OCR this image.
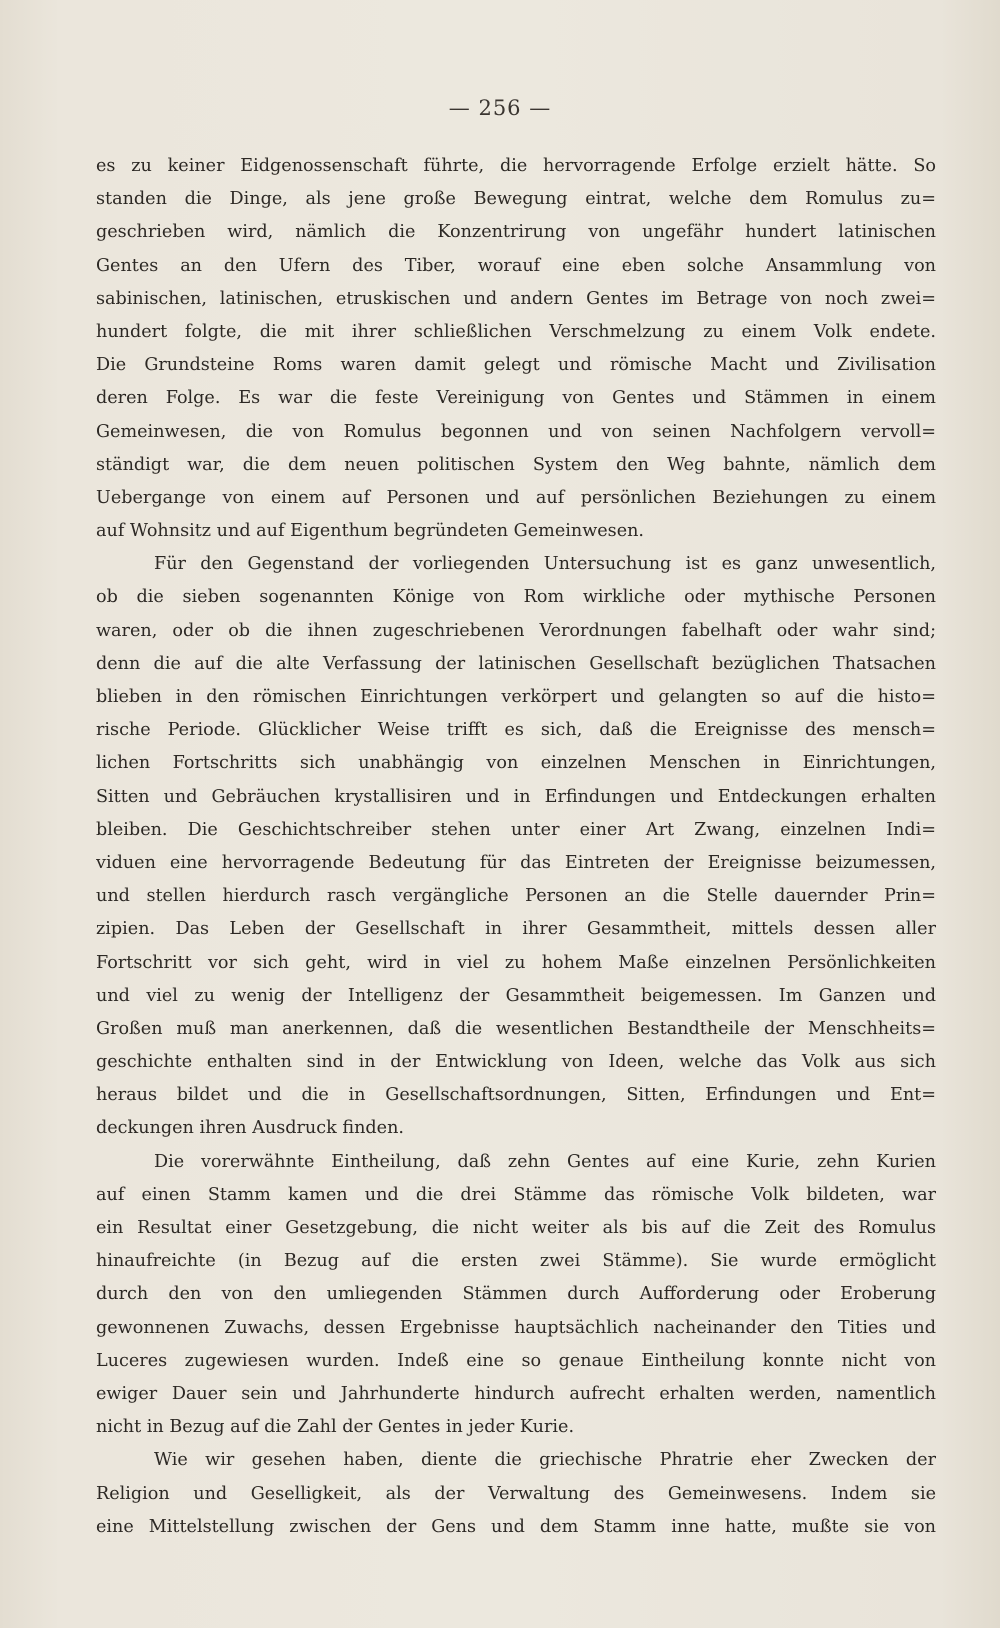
— 256 —
es zu keiner Eidgenossenschaft führte, die hervorragende Erfolge erzielt hätte. So
standen die Dinge, als jene große Bewegung eintrat, welche dem Romulus zu=
geschrieben wird, nämlich die Konzentrirung von ungefähr hundert latinischen
Gentes an den Ufern des Tiber, worauf eine eben solche Ansammlung von
sabinischen, latinischen, etruskischen und andern Gentes im Betrage von noch zwei=
hundert folgte, die mit ihrer schließlichen Verschmelzung zu einem Volk endete.
Die Grundsteine Roms waren damit gelegt und römische Macht und Zivilisation
deren Folge. Es war die feste Vereinigung von Gentes und Stämmen in einem
Gemeinwesen, die von Romulus begonnen und von seinen Nachfolgern vervoll=
ständigt war, die dem neuen politischen System den Weg bahnte, nämlich dem
Uebergange von einem auf Personen und auf persönlichen Beziehungen zu einem
auf Wohnsitz und auf Eigenthum begründeten Gemeinwesen.
Für den Gegenstand der vorliegenden Untersuchung ist es ganz unwesentlich,
ob die sieben sogenannten Könige von Rom wirkliche oder mythische Personen
waren, oder ob die ihnen zugeschriebenen Verordnungen fabelhaft oder wahr sind;
denn die auf die alte Verfassung der latinischen Gesellschaft bezüglichen Thatsachen
blieben in den römischen Einrichtungen verkörpert und gelangten so auf die histo=
rische Periode. Glücklicher Weise trifft es sich, daß die Ereignisse des mensch=
lichen Fortschritts sich unabhängig von einzelnen Menschen in Einrichtungen,
Sitten und Gebräuchen krystallisiren und in Erfindungen und Entdeckungen erhalten
bleiben. Die Geschichtschreiber stehen unter einer Art Zwang, einzelnen Indi=
viduen eine hervorragende Bedeutung für das Eintreten der Ereignisse beizumessen,
und stellen hierdurch rasch vergängliche Personen an die Stelle dauernder Prin=
zipien. Das Leben der Gesellschaft in ihrer Gesammtheit, mittels dessen aller
Fortschritt vor sich geht, wird in viel zu hohem Maße einzelnen Persönlichkeiten
und viel zu wenig der Intelligenz der Gesammtheit beigemessen. Im Ganzen und
Großen muß man anerkennen, daß die wesentlichen Bestandtheile der Menschheits=
geschichte enthalten sind in der Entwicklung von Ideen, welche das Volk aus sich
heraus bildet und die in Gesellschaftsordnungen, Sitten, Erfindungen und Ent=
deckungen ihren Ausdruck finden.
Die vorerwähnte Eintheilung, daß zehn Gentes auf eine Kurie, zehn Kurien
auf einen Stamm kamen und die drei Stämme das römische Volk bildeten, war
ein Resultat einer Gesetzgebung, die nicht weiter als bis auf die Zeit des Romulus
hinaufreichte (in Bezug auf die ersten zwei Stämme). Sie wurde ermöglicht
durch den von den umliegenden Stämmen durch Aufforderung oder Eroberung
gewonnenen Zuwachs, dessen Ergebnisse hauptsächlich nacheinander den Tities und
Luceres zugewiesen wurden. Indeß eine so genaue Eintheilung konnte nicht von
ewiger Dauer sein und Jahrhunderte hindurch aufrecht erhalten werden, namentlich
nicht in Bezug auf die Zahl der Gentes in jeder Kurie.
Wie wir gesehen haben, diente die griechische Phratrie eher Zwecken der
Religion und Geselligkeit, als der Verwaltung des Gemeinwesens. Indem sie
eine Mittelstellung zwischen der Gens und dem Stamm inne hatte, mußte sie von
